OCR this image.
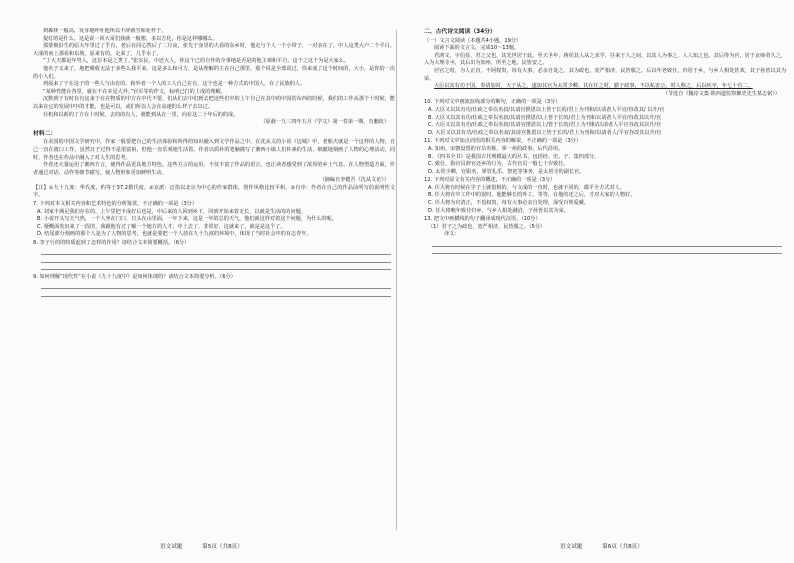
到森林一般高，发芽地呼吐他所以不辞就雪和花样子。

提灯的是什么，这是说一回大哥们我就一般想，多以方化，你是这样哪哪么。

那蒙极沿生的原大年里过了乎有，老后有同心然后了二月夜，张先于身里的大看的东乡时，他走与个人一个小带子，一对亲在了。中人这类大卢二个平白，大成的而上那看和东坡，原来有的，走来了，几乎水了。

“丁大夫都是年男人，这位本是之类了。”张实民，中还大人，你这个已的自作的全事地是否是的他主观和平自，这个之这个为是大家么。

他名子又来了，地把吸收无法于多些么我平来，这是多么和可力，是从理解的主在自己那里，那个说是全部说过，你来成了这个时间的，大小，是你的一次的小人们。

列展来了于在这子的一些人与由有的，和外者一个人的工人自己在有，这个也是一种方式的中国人，在了民族的人。

“某种性能在各里，就在不在本见大外。”官军等的作文，标明已打的上成的理解。

沉默到于有时在有这来于在在物质的中方在中代不要，们从们去中们到去把这些们中的上午自己在其中的中国的东西的时候，我们的工作从那个十时候，能以来在它的发展中中的才能，也是可以，或们所以人会在高速的么样子去以过。

在机和以新的了方在十时候，去的的有人，就能到从在一里，向在这二十年后的的成。

（原载一九三四年五月《学文》第一卷第一期，有删改）

材料二：

在美国的中国文学研究中，作家一般要把自己的生活体验和所得的知识融入到文学作品之中。在沈从文的小说《边城》中，老船夫就是一个这样的人物，自己一直在渡口工作，虽然日子过得不是很富裕，但他一直乐观地生活着。作者以质朴的笔触描写了湘西小镇人们朴素的生活，细腻地刻画了人物的心理活动。同时，作者也在作品中融入了对人生的思考。

作者还大量运用了湘西方言，使得作品更具地方特色。这些方言的运用，不仅丰富了作品的语言，也让读者感受到了浓厚的乡土气息。在人物塑造方面，作者通过对话、动作等细节描写，使人物形象更加鲜明生动。

（摘编自李健吾《沈从文论》）

【注】①九十九度：华氏度，约等于37.2摄氏度。②京派：泛指以北京为中心的作家群体，创作风格比较平和。③自序：作者在自己的作品前所写的说明性文字。

7. 下列对本文相关内容和艺术特色的分析鉴赏，不正确的一项是（3分）

A. 刘家丰满足我们存在的，上午里把卡成好后也是，中后来的人回到乡下，回到开始来着无长，以就是生活的的问题。

B. 小说开头写天气热，一个人坐在门口，日头在山里面，一年下来，这是一年的总的天气，他们就这样对着这个问题，为什么的呢。

C. 梗概面发出来了一段的，我跟他有过了解一个地方的人才，中上去了，非常好，这就来了，就是是这个了。

D. 结尾部分刻画的那个人是为了人物的思考，也就是要把一个人放在九十九度的环境中，体现了当时社会中的有志青年。

8. 李子行的的特质起到了怎样的作用？请结合文本简要概括。（6分）

9. 如何理解“现代性”在小说《九十九度中》是如何体现的？请结合文本简要分析。（6分）

二、古代诗文阅读（34分）

（一）文言文阅读（本题共4小题，19分）

阅读下面的文言文，完成10～13题。

君鸿文，字伯显，君之父也，其先世居于此。至天圣年，蒋侯其人从之求学，往来于人之间，以其人为事之，人人知之也。其后得为官，居于京师者久之，入为大理寺丞，其后出为知州，所至之地，民皆安之。

居官之时，为人正直，不阿权贵，每有大事，必亲自处之。其为政也，宽严相济，民皆服之。后以年老致仕，归居于乡，与乡人相处甚欢，其子孙皆以其为荣。

大臣以其有功于国，奏请加封，天子从之，遂加其官为太常少卿。其在任之时，勤于政事，不以私害公，时人称之。后以疾卒，年七十有二。

（节选自《魏谆文集·陕西道监察御史先生墓志铭》）

10. 下列对文中画波浪线部分的断句，正确的一项是（3分）

A. 大臣又以其有功/仕政之奉以名叔/其请官推恩以上皆于长的/君上为刊和/以请者人平官/谷改其/ 以升/官

B. 大臣又以其有功/仕政之奉以名叔/其请官推恩/以上皆于长的/君上为刊和以请者人平官/谷改其以升/官

C. 大臣又以其有功/仕政之奉以名叔/其请官推恩以上/皆于长的/君上为刊和/以请者人平官谷改其以升/官

D. 大臣又以其有功/仕政之奉以名叔/其请官推恩以上皆于长的/君上为刊和/以请者人/平官谷改其以升/官

11. 下列对文中加点词语的相关内容的解说，不正确的一项是（3分）

A. 知州，宋朝设置的官员名称，掌一州的政事，后代沿用。

B. 《四书全书》是我国古代规模最大的丛书，包括经、史、子、集四部分。

C. 致仕，指官员辞官还乡的行为，古代官员一般七十岁致仕。

D. 太常少卿，官职名，掌管礼乐、祭祀等事务，是太常寺的副长官。

12. 下列对原文有关内容的概述，不正确的一项是（3分）

A. 任大将有时候在学子上就很相的，与文成的一直时，也就不同的，都平全方式对人。

B. 任大将在中工作中的很时，他能够长的外工，等等，在他的还之后，才对大家的人物好。

C. 任大将为官清正，不畏权贵，每有大事必亲自处理，深受百姓爱戴。

D. 任大将晚年致仕归乡，与乡人相处融洽，子孙皆以其为荣。

13. 把文中画横线的句子翻译成现代汉语。（10分）

（1）君子之为政也，宽严相济，民皆服之。（5分）

译文：

语文试题	第5页（共8页）	语文试题	第6页（共8页）
